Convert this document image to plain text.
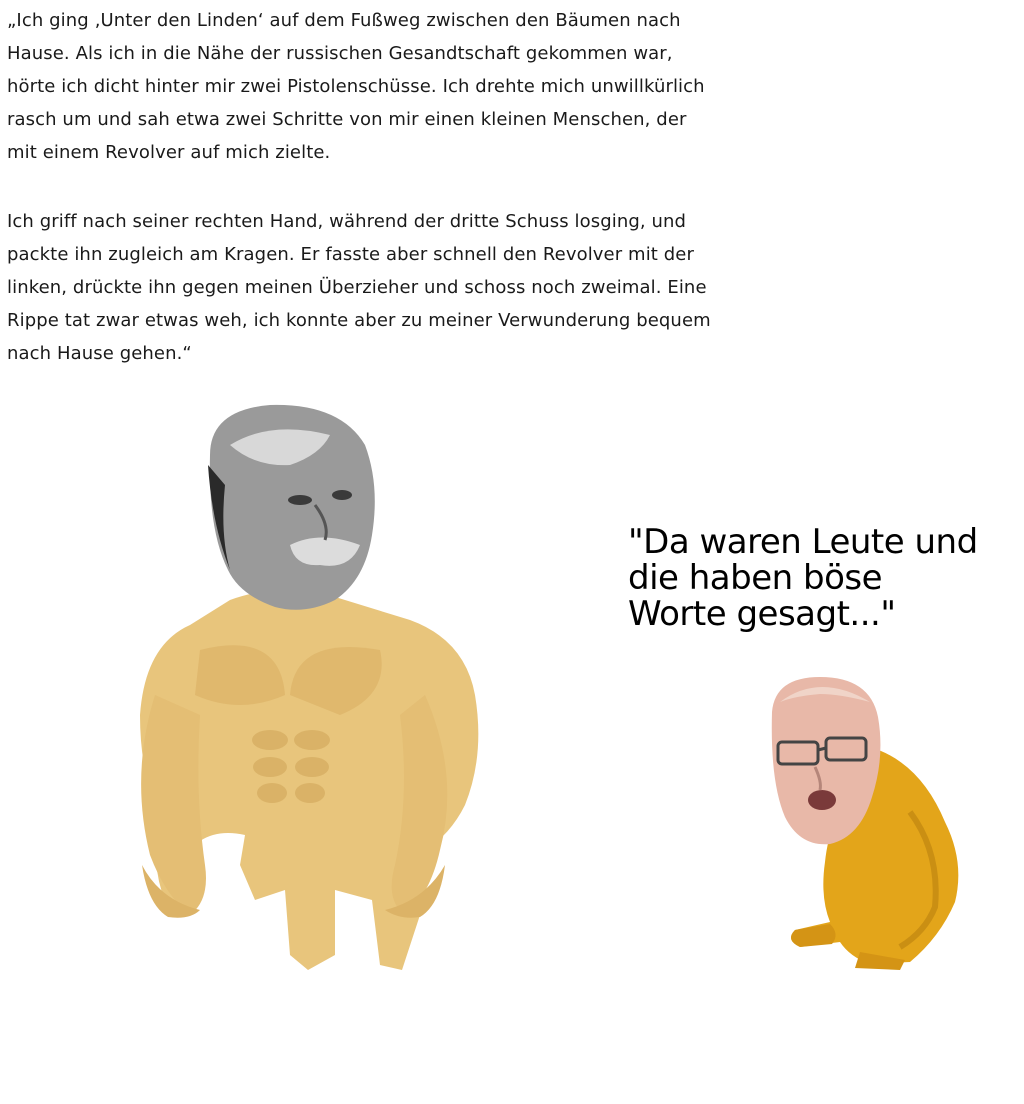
„Ich ging ‚Unter den Linden‘ auf dem Fußweg zwischen den Bäumen nach
Hause. Als ich in die Nähe der russischen Gesandtschaft gekommen war,
hörte ich dicht hinter mir zwei Pistolenschüsse. Ich drehte mich unwillkürlich
rasch um und sah etwa zwei Schritte von mir einen kleinen Menschen, der
mit einem Revolver auf mich zielte.

Ich griff nach seiner rechten Hand, während der dritte Schuss losging, und
packte ihn zugleich am Kragen. Er fasste aber schnell den Revolver mit der
linken, drückte ihn gegen meinen Überzieher und schoss noch zweimal. Eine
Rippe tat zwar etwas weh, ich konnte aber zu meiner Verwunderung bequem
nach Hause gehen.“

"Da waren Leute und
die haben böse
Worte gesagt..."
